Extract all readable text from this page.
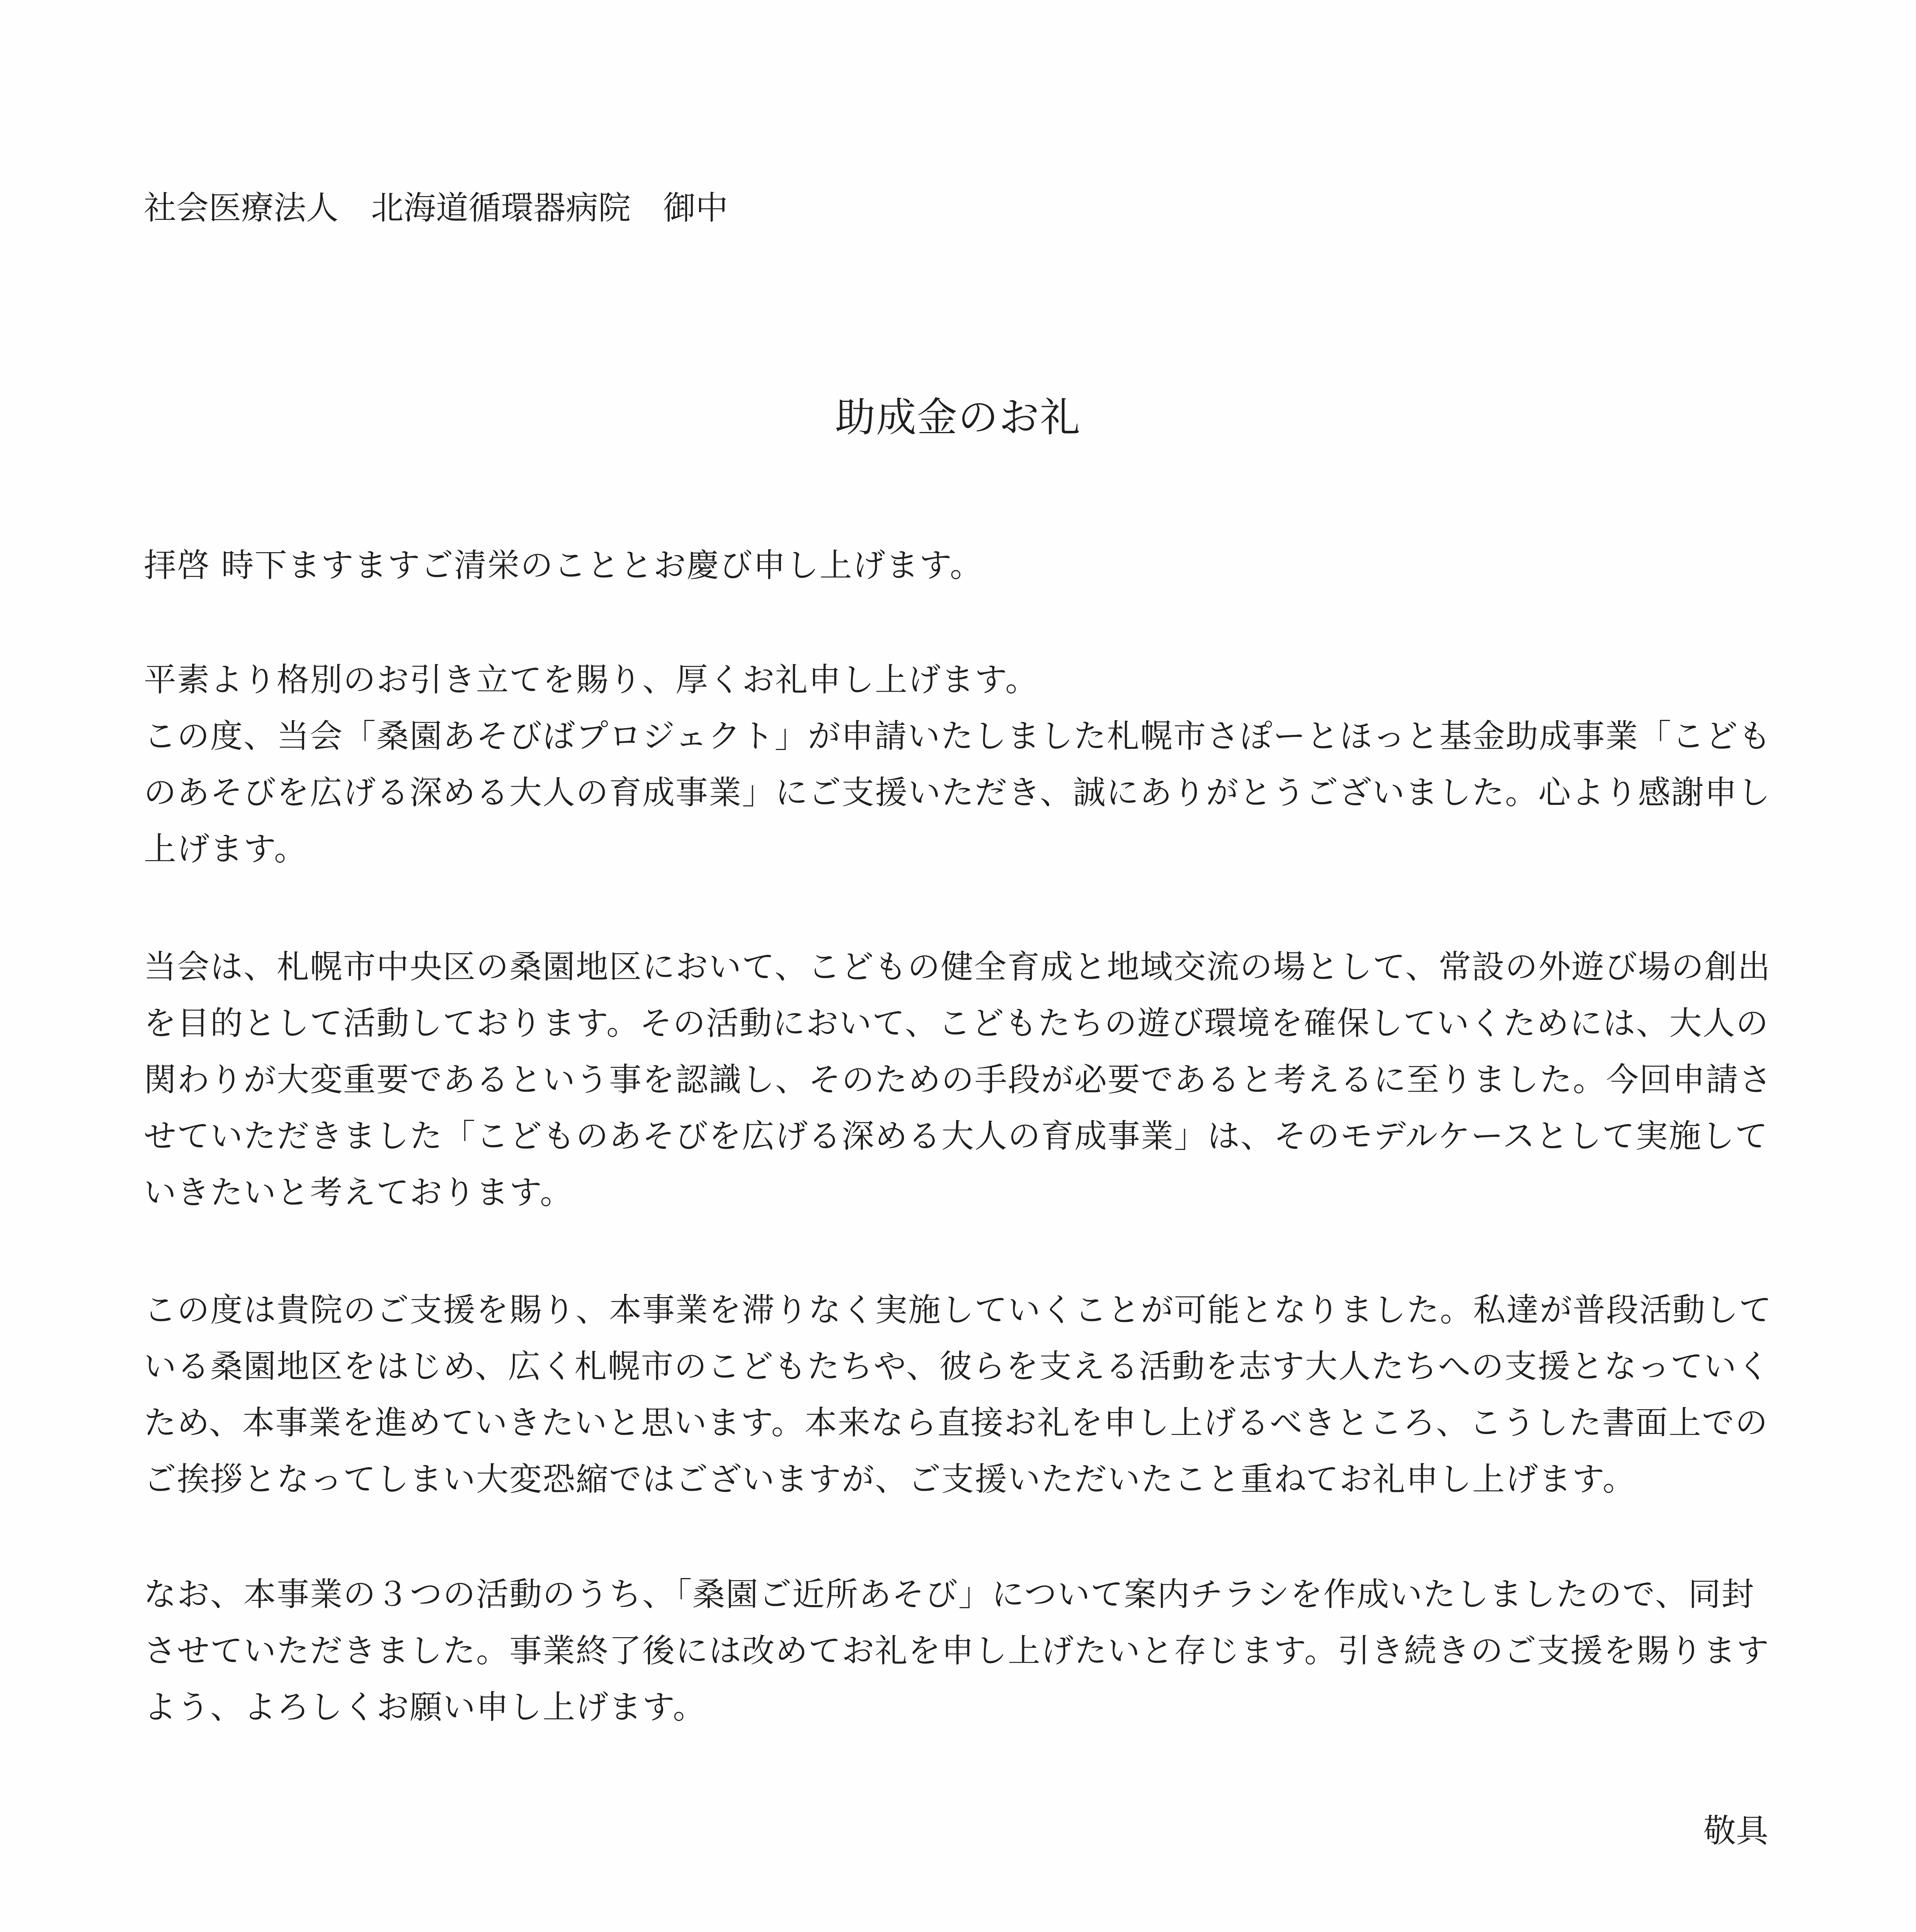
社会医療法人　北海道循環器病院　御中
助成金のお礼
拝啓 時下ますますご清栄のこととお慶び申し上げます。
平素より格別のお引き立てを賜り、厚くお礼申し上げます。
この度、当会「桑園あそびばプロジェクト」が申請いたしました札幌市さぽーとほっと基金助成事業「こども
のあそびを広げる深める大人の育成事業」にご支援いただき、誠にありがとうございました。心より感謝申し
上げます。
当会は、札幌市中央区の桑園地区において、こどもの健全育成と地域交流の場として、常設の外遊び場の創出
を目的として活動しております。その活動において、こどもたちの遊び環境を確保していくためには、大人の
関わりが大変重要であるという事を認識し、そのための手段が必要であると考えるに至りました。今回申請さ
せていただきました「こどものあそびを広げる深める大人の育成事業」は、そのモデルケースとして実施して
いきたいと考えております。
この度は貴院のご支援を賜り、本事業を滞りなく実施していくことが可能となりました。私達が普段活動して
いる桑園地区をはじめ、広く札幌市のこどもたちや、彼らを支える活動を志す大人たちへの支援となっていく
ため、本事業を進めていきたいと思います。本来なら直接お礼を申し上げるべきところ、こうした書面上での
ご挨拶となってしまい大変恐縮ではございますが、ご支援いただいたこと重ねてお礼申し上げます。
なお、本事業の３つの活動のうち、「桑園ご近所あそび」について案内チラシを作成いたしましたので、同封
させていただきました。事業終了後には改めてお礼を申し上げたいと存じます。引き続きのご支援を賜ります
よう、よろしくお願い申し上げます。
敬具
